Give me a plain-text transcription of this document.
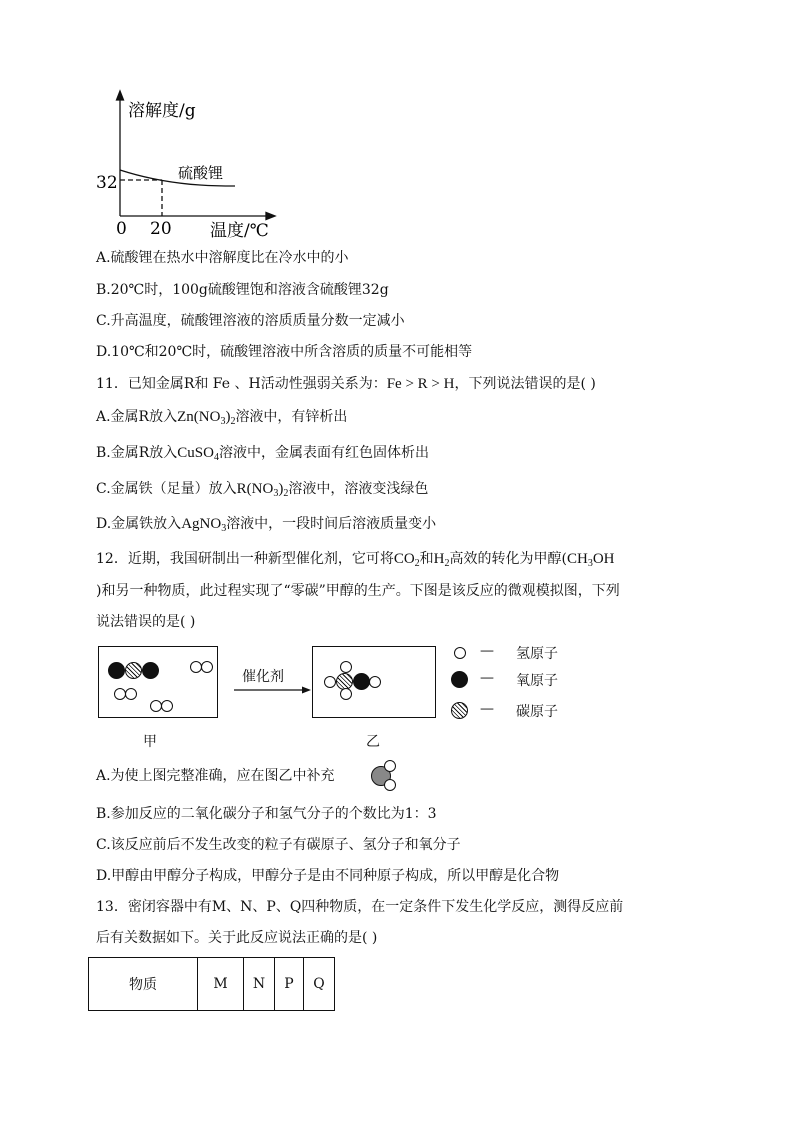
溶解度/g
硫酸锂
32
0 20 温度/℃
A.硫酸锂在热水中溶解度比在冷水中的小
B.20℃时，100g硫酸锂饱和溶液含硫酸锂32g
C.升高温度，硫酸锂溶液的溶质质量分数一定减小
D.10℃和20℃时，硫酸锂溶液中所含溶质的质量不可能相等
11．已知金属R和 Fe 、H活动性强弱关系为：Fe > R > H，下列说法错误的是( )
A.金属R放入$Zn(NO_3)_2$溶液中，有锌析出
B.金属R放入CuSO$_4$溶液中，金属表面有红色固体析出
C.金属铁（足量）放入$R(NO_3)_2$溶液中，溶液变浅绿色
D.金属铁放入AgNO$_3$溶液中，一段时间后溶液质量变小
12．近期，我国研制出一种新型催化剂，它可将$CO_2$和$H_2$高效的转化为甲醇($CH_3OH$
)和另一种物质，此过程实现了“零碳”甲醇的生产。下图是该反应的微观模拟图，下列
说法错误的是( )
催化剂
— 氢原子
— 氧原子
— 碳原子
甲	乙
A.为使上图完整准确，应在图乙中补充
B.参加反应的二氧化碳分子和氢气分子的个数比为1：3
C.该反应前后不发生改变的粒子有碳原子、氢分子和氧分子
D.甲醇由甲醇分子构成，甲醇分子是由不同种原子构成，所以甲醇是化合物
13．密闭容器中有M、N、P、Q四种物质，在一定条件下发生化学反应，测得反应前
后有关数据如下。关于此反应说法正确的是( )
物质	M	N	P	Q
